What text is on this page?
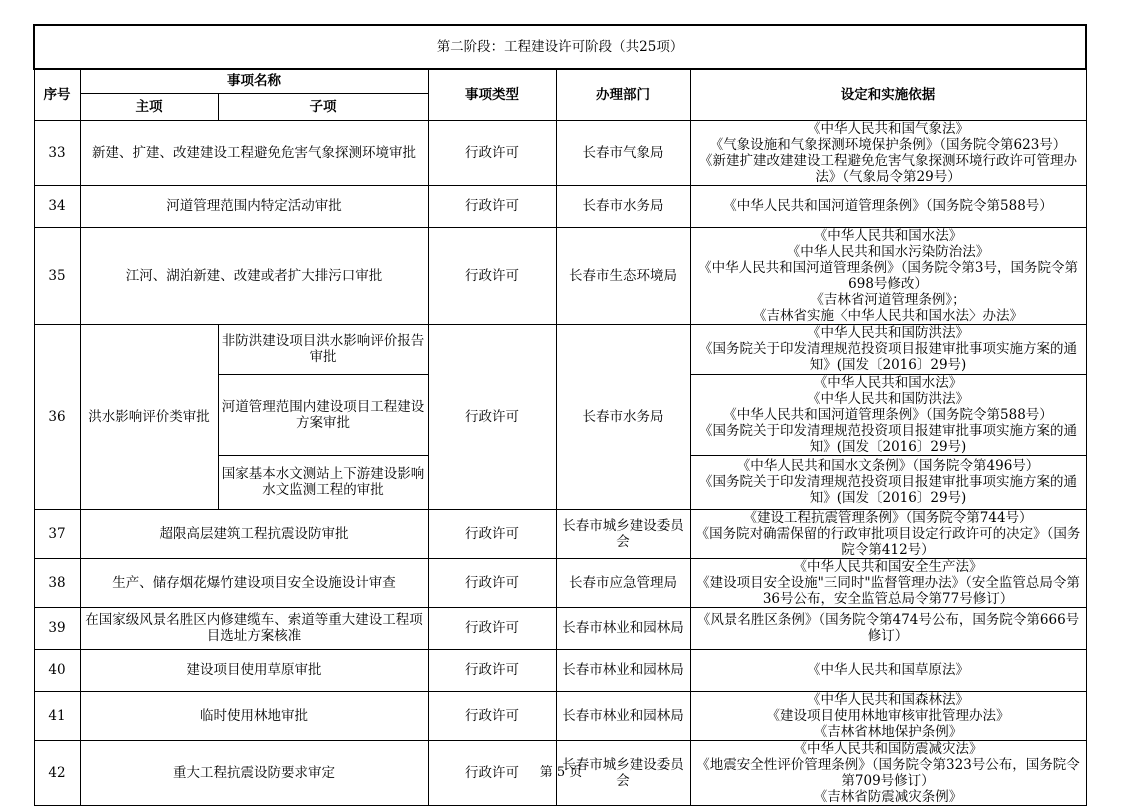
第二阶段：工程建设许可阶段（共25项）					
序号	事项名称		事项类型	办理部门	设定和实施依据
	主项	子项			
33	新建、扩建、改建建设工程避免危害气象探测环境审批		行政许可	长春市气象局	《中华人民共和国气象法》
《气象设施和气象探测环境保护条例》（国务院令第623号）
《新建扩建改建建设工程避免危害气象探测环境行政许可管理办法》（气象局令第29号）

34	河道管理范围内特定活动审批		行政许可	长春市水务局	《中华人民共和国河道管理条例》（国务院令第588号）

35	江河、湖泊新建、改建或者扩大排污口审批		行政许可	长春市生态环境局	《中华人民共和国水法》
《中华人民共和国水污染防治法》
《中华人民共和国河道管理条例》（国务院令第3号，国务院令第698号修改）
《吉林省河道管理条例》；
《吉林省实施〈中华人民共和国水法〉办法》

36	洪水影响评价类审批	非防洪建设项目洪水影响评价报告审批	行政许可	长春市水务局	《中华人民共和国防洪法》
《国务院关于印发清理规范投资项目报建审批事项实施方案的通知》(国发〔2016〕29号)

		河道管理范围内建设项目工程建设方案审批			《中华人民共和国水法》
《中华人民共和国防洪法》
《中华人民共和国河道管理条例》（国务院令第588号）
《国务院关于印发清理规范投资项目报建审批事项实施方案的通知》(国发〔2016〕29号)

		国家基本水文测站上下游建设影响水文监测工程的审批			《中华人民共和国水文条例》（国务院令第496号）
《国务院关于印发清理规范投资项目报建审批事项实施方案的通知》(国发〔2016〕29号)

37	超限高层建筑工程抗震设防审批		行政许可	长春市城乡建设委员会	《建设工程抗震管理条例》（国务院令第744号）
《国务院对确需保留的行政审批项目设定行政许可的决定》（国务院令第412号）

38	生产、储存烟花爆竹建设项目安全设施设计审查		行政许可	长春市应急管理局	《中华人民共和国安全生产法》
《建设项目安全设施"三同时"监督管理办法》（安全监管总局令第36号公布，安全监管总局令第77号修订）

39	在国家级风景名胜区内修建缆车、索道等重大建设工程项目选址方案核准		行政许可	长春市林业和园林局	《风景名胜区条例》（国务院令第474号公布，国务院令第666号修订）

40	建设项目使用草原审批		行政许可	长春市林业和园林局	《中华人民共和国草原法》

41	临时使用林地审批		行政许可	长春市林业和园林局	《中华人民共和国森林法》
《建设项目使用林地审核审批管理办法》
《吉林省林地保护条例》

42	重大工程抗震设防要求审定		行政许可	长春市城乡建设委员会	《中华人民共和国防震减灾法》
《地震安全性评价管理条例》（国务院令第323号公布，国务院令第709号修订）
《吉林省防震减灾条例》
第 5 页
